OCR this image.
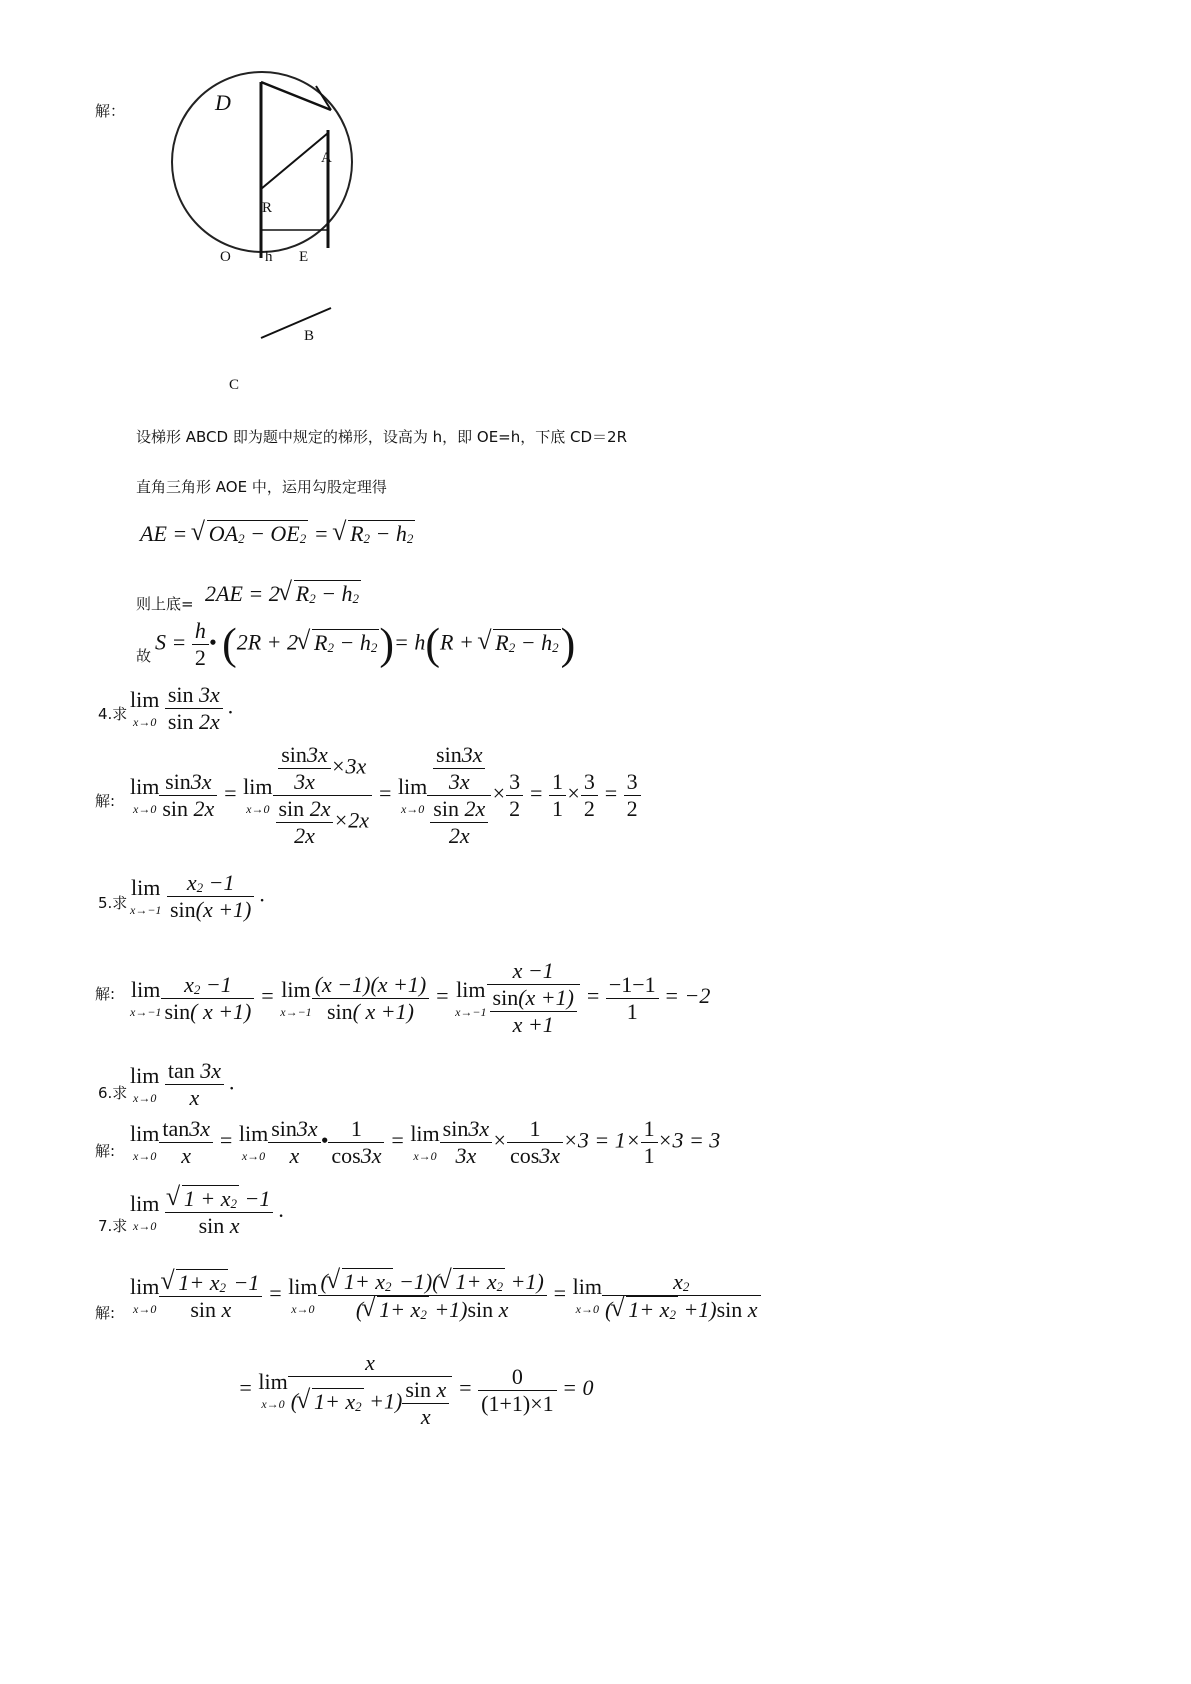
解：	D
A
R
O h E
B
C
设梯形 ABCD 即为题中规定的梯形，设高为 h，即 OE=h，下底 CD＝2R
直角三角形 AOE 中，运用勾股定理得
AE = √ OA2 − OE2 = √ R2 − h2
则上底= 2AE = 2 √ R2 − h2
故
$S = \frac{h}{2}$ • (2R + 2 √ R2 − h2)= h(R + √ R2 − h2)
4.求
lim
x→0
$\frac{\sin 3x}{\sin 2x}$ .
解:
lim
$x\to 0 \frac{\sin 3x}{\sin 2x} = \lim$
$x\to 0 \frac{\frac{\sin 3x}{3x} \times 3x}{\frac{\sin 2x}{2x} \times 2x} = \lim$
$x\to 0 \frac{\frac{\sin 3x}{3x}}{\frac{\sin 2x}{2x}} \times \frac{3}{2} = \frac{1}{1} \times \frac{3}{2} = \frac{3}{2}$
5.求
lim
x→−1
$\frac{x2 -1}{\sin(x +1)}$ .
解: lim
$x\to-1 \frac{x2 -1}{\sin( x +1)} = \lim$
$x\to-1 \frac{(x -1)(x +1)}{\sin( x +1)} = \lim$
$x\to-1 \frac{x -1}{\frac{\sin(x +1)}{x +1}} = \frac{-1-1}{1} = -2$
6.求
lim
x→0
$\frac{\tan 3x}{x}$ .
解:
lim
$x\to 0 \frac{\tan 3x}{x} = \lim$
$x\to 0 \frac{\sin 3x}{x}$ • $\frac{1}{\cos 3x} = \lim$
$x\to 0 \frac{\sin 3x}{3x} \times \frac{1}{\cos 3x} \times 3 = 1\times \frac{1}{1} \times 3 = 3$
7.求
lim
x→0
√ $\frac{1 + x2 -1}{\text{sin x}}$ .
解:
lim
x→0 √ $\frac{1+ x2 -1}{\text{sin x}} = \lim$
$x\to 0 \frac{( √ 1+ x2 -1)( √ 1+ x2 +1)}{\text{( √ 1+ x2 +1)sin x}} = \lim$
$x\to 0 \frac{x2}{\text{( √ 1+ x2 +1)sin x}}$
= lim
$x\to 0 \frac{x}{( √ 1+ x2 +1) \frac{\text{sin x}}{x}} = \frac{0}{(1+1)\times 1} = 0$
